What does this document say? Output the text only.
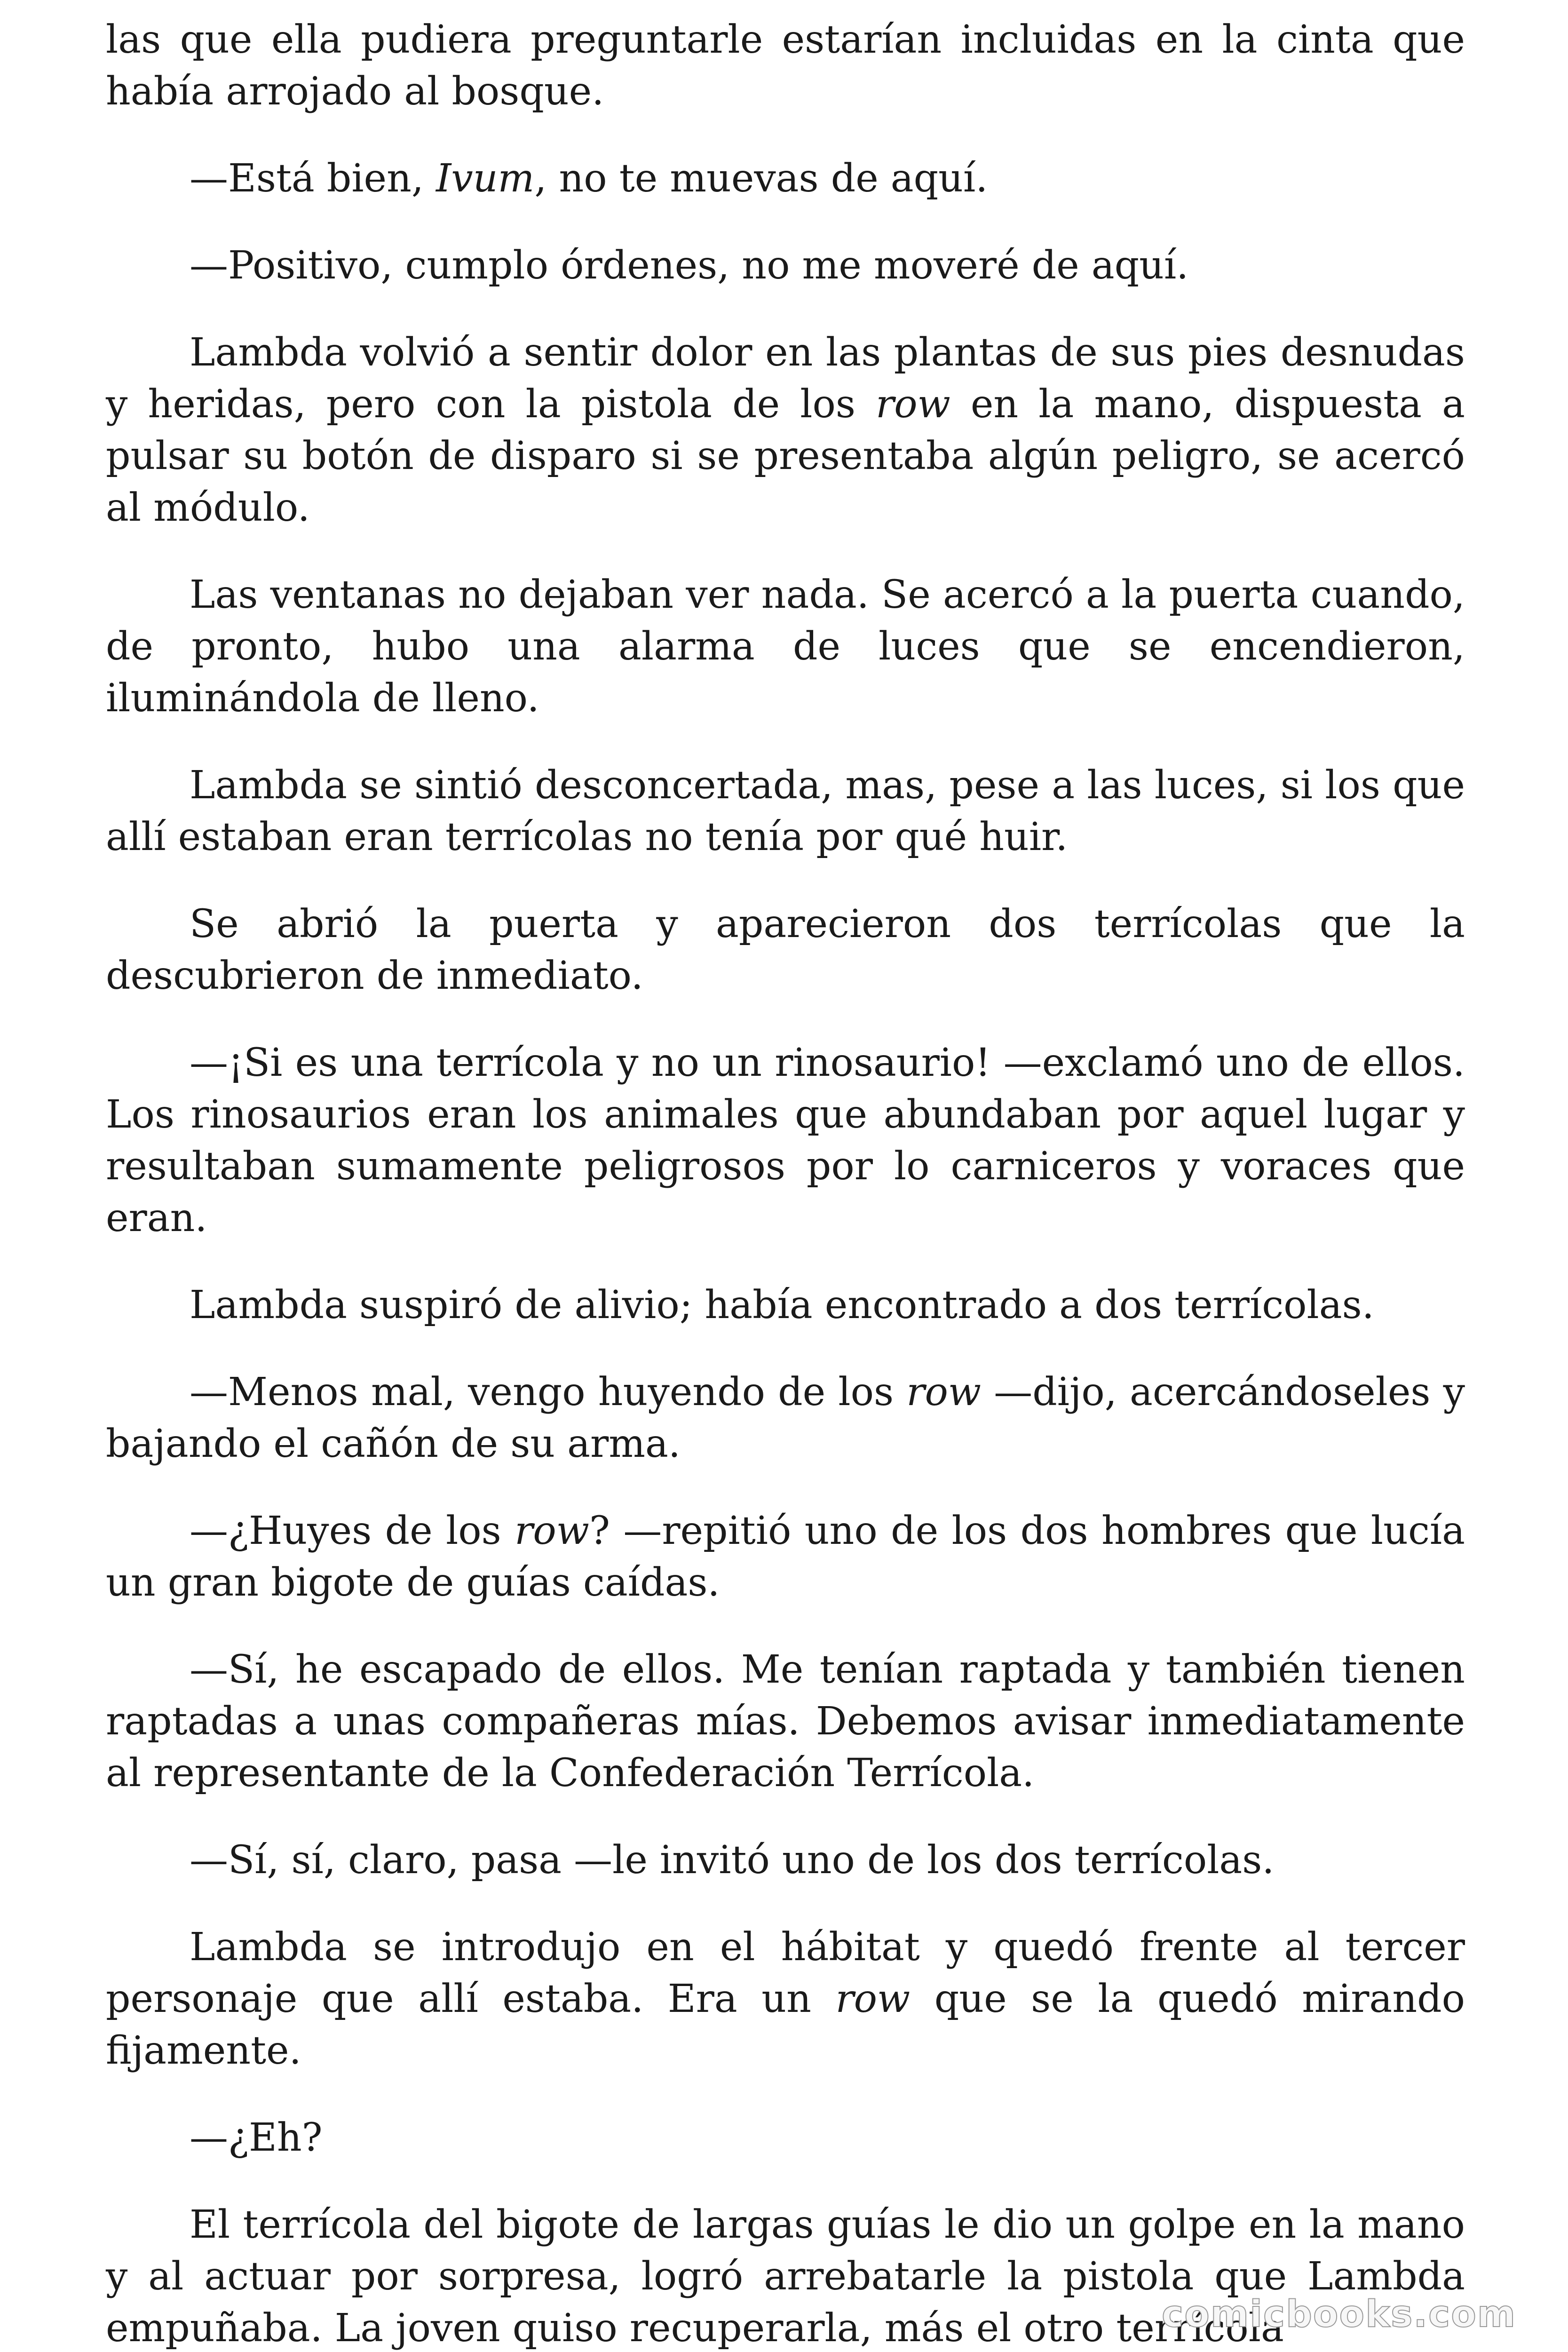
las que ella pudiera preguntarle estarían incluidas en la cinta que había arrojado al bosque.

—Está bien, Ivum, no te muevas de aquí.

—Positivo, cumplo órdenes, no me moveré de aquí.

Lambda volvió a sentir dolor en las plantas de sus pies desnudas y heridas, pero con la pistola de los row en la mano, dispuesta a pulsar su botón de disparo si se presentaba algún peligro, se acercó al módulo.

Las ventanas no dejaban ver nada. Se acercó a la puerta cuando, de pronto, hubo una alarma de luces que se encendieron, iluminándola de lleno.

Lambda se sintió desconcertada, mas, pese a las luces, si los que allí estaban eran terrícolas no tenía por qué huir.

Se abrió la puerta y aparecieron dos terrícolas que la descubrieron de inmediato.

—¡Si es una terrícola y no un rinosaurio! —exclamó uno de ellos. Los rinosaurios eran los animales que abundaban por aquel lugar y resultaban sumamente peligrosos por lo carniceros y voraces que eran.

Lambda suspiró de alivio; había encontrado a dos terrícolas.

—Menos mal, vengo huyendo de los row —dijo, acercándoseles y bajando el cañón de su arma.

—¿Huyes de los row? —repitió uno de los dos hombres que lucía un gran bigote de guías caídas.

—Sí, he escapado de ellos. Me tenían raptada y también tienen raptadas a unas compañeras mías. Debemos avisar inmediatamente al representante de la Confederación Terrícola.

—Sí, sí, claro, pasa —le invitó uno de los dos terrícolas.

Lambda se introdujo en el hábitat y quedó frente al tercer personaje que allí estaba. Era un row que se la quedó mirando fijamente.

—¿Eh?

El terrícola del bigote de largas guías le dio un golpe en la mano y al actuar por sorpresa, logró arrebatarle la pistola que Lambda empuñaba. La joven quiso recuperarla, más el otro terrícola

comicbooks.com
